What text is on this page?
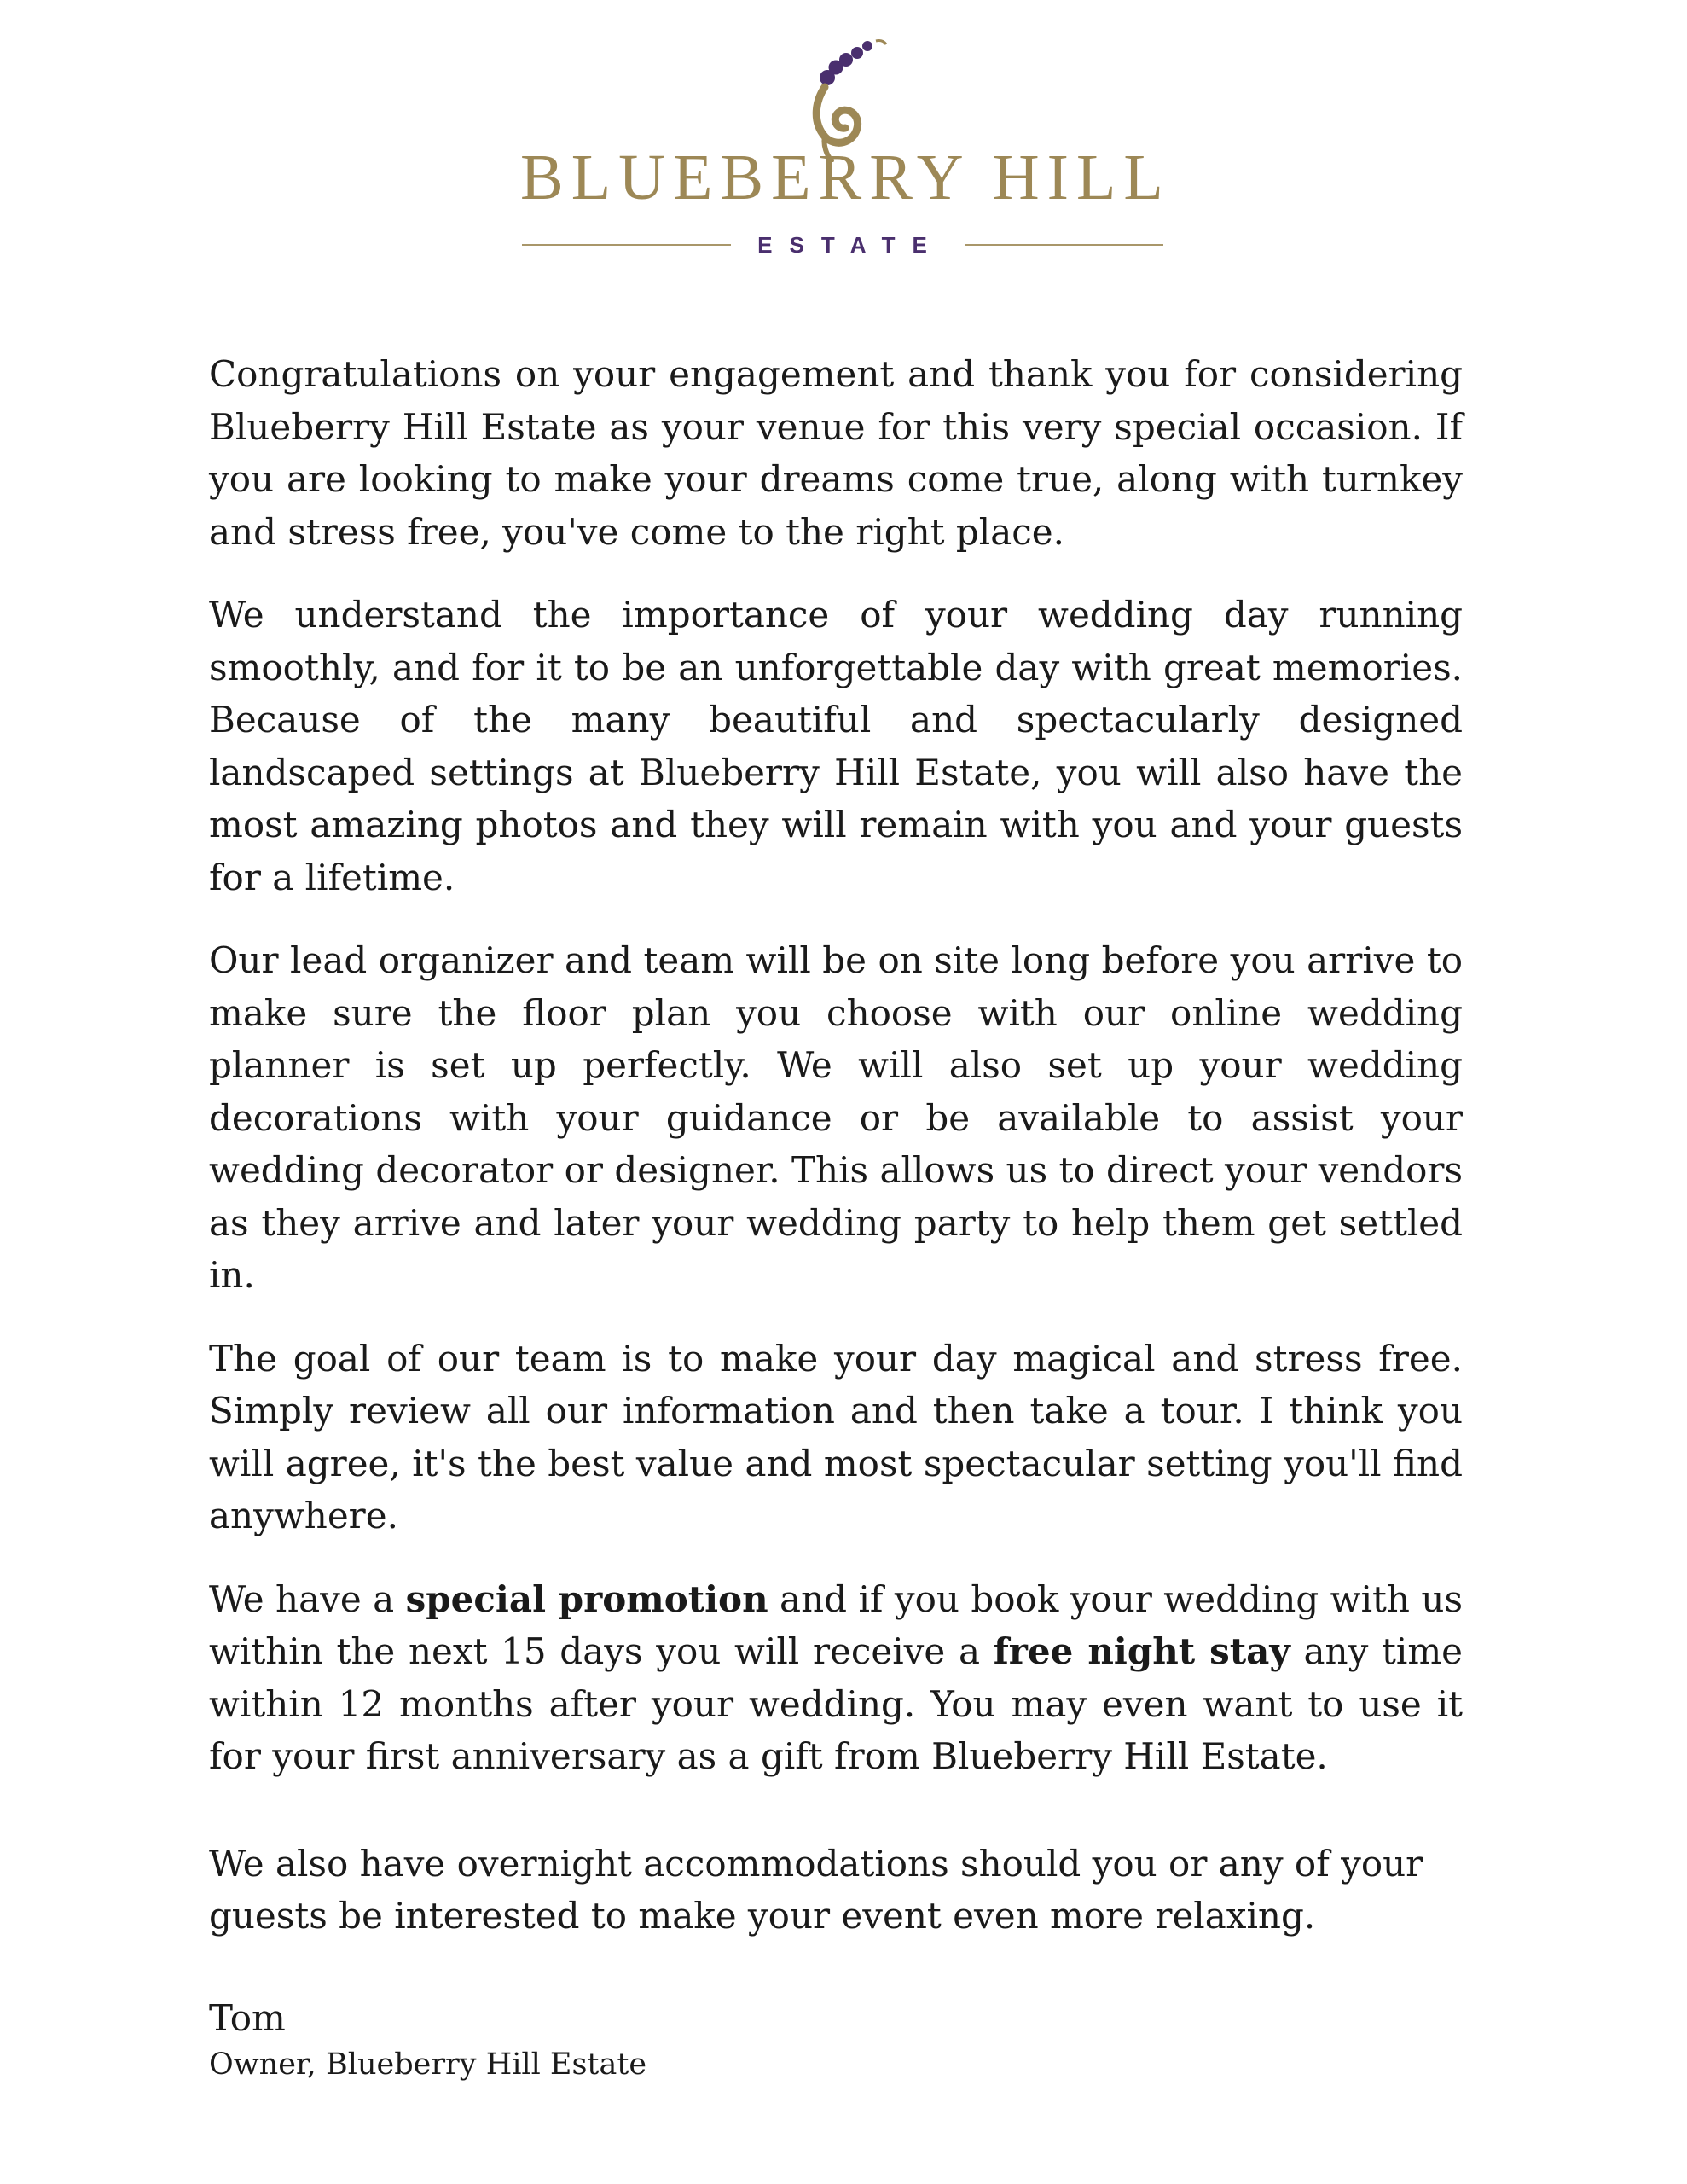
BLUEBERRY HILL
ESTATE

Congratulations on your engagement and thank you for considering Blueberry Hill Estate as your venue for this very special occasion. If you are looking to make your dreams come true, along with turnkey and stress free, you've come to the right place.

We understand the importance of your wedding day running smoothly, and for it to be an unforgettable day with great memories. Because of the many beautiful and spectacularly designed landscaped settings at Blueberry Hill Estate, you will also have the most amazing photos and they will remain with you and your guests for a lifetime.

Our lead organizer and team will be on site long before you arrive to make sure the floor plan you choose with our online wedding planner is set up perfectly. We will also set up your wedding decorations with your guidance or be available to assist your wedding decorator or designer. This allows us to direct your vendors as they arrive and later your wedding party to help them get settled in.

The goal of our team is to make your day magical and stress free. Simply review all our information and then take a tour. I think you will agree, it's the best value and most spectacular setting you'll find anywhere.

We have a special promotion and if you book your wedding with us within the next 15 days you will receive a free night stay any time within 12 months after your wedding. You may even want to use it for your first anniversary as a gift from Blueberry Hill Estate.

We also have overnight accommodations should you or any of your guests be interested to make your event even more relaxing.

Tom

Owner, Blueberry Hill Estate
